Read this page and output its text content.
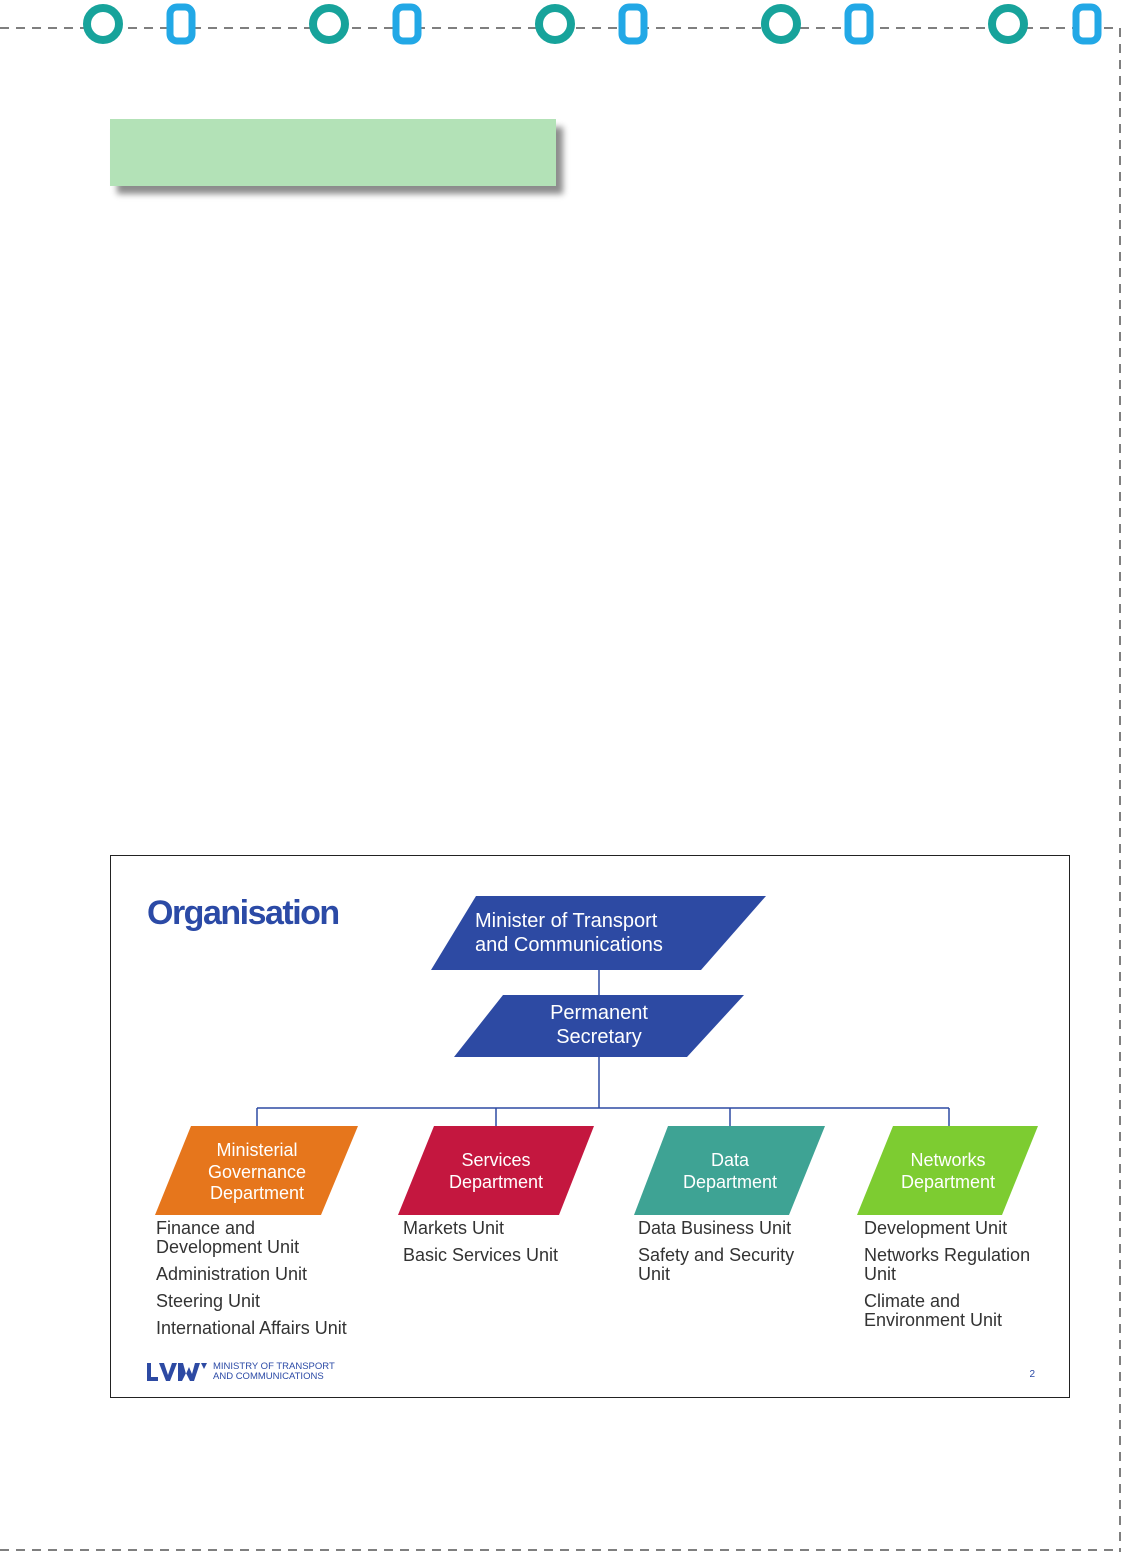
Organisation	Minister of Transport
and Communications
Permanent
Secretary
Ministerial
Governance
Department
Services
Department
Data
Department
Networks
Department
Finance and
Development Unit
Administration Unit
Steering Unit
International Affairs Unit
Markets Unit
Basic Services Unit
Data Business Unit
Safety and Security
Unit
Development Unit
Networks Regulation
Unit
Climate and
Environment Unit
MINISTRY OF TRANSPORT
AND COMMUNICATIONS	2
